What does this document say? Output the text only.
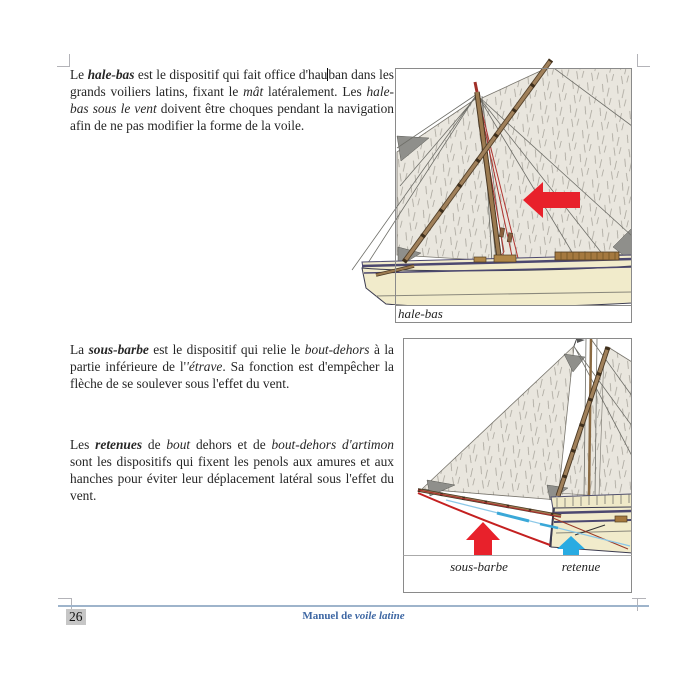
Le hale-bas est le dispositif qui fait office d'hauban dans les grands voiliers latins, fixant le mât latéralement. Les hale-bas sous le vent doivent être choques pendant la navigation afin de ne pas modifier la forme de la voile.
La sous-barbe est le dispositif qui relie le bout-dehors à la partie inférieure de l''étrave. Sa fonction est d'empêcher la flèche de se soulever sous l'effet du vent.
Les retenues de bout dehors et de bout-dehors d'artimon sont les dispositifs qui fixent les penols aux amures et aux hanches pour éviter leur déplacement latéral sous l'effet du vent.
hale-bas
sous-barbe	retenue
26	Manuel de voile latine
